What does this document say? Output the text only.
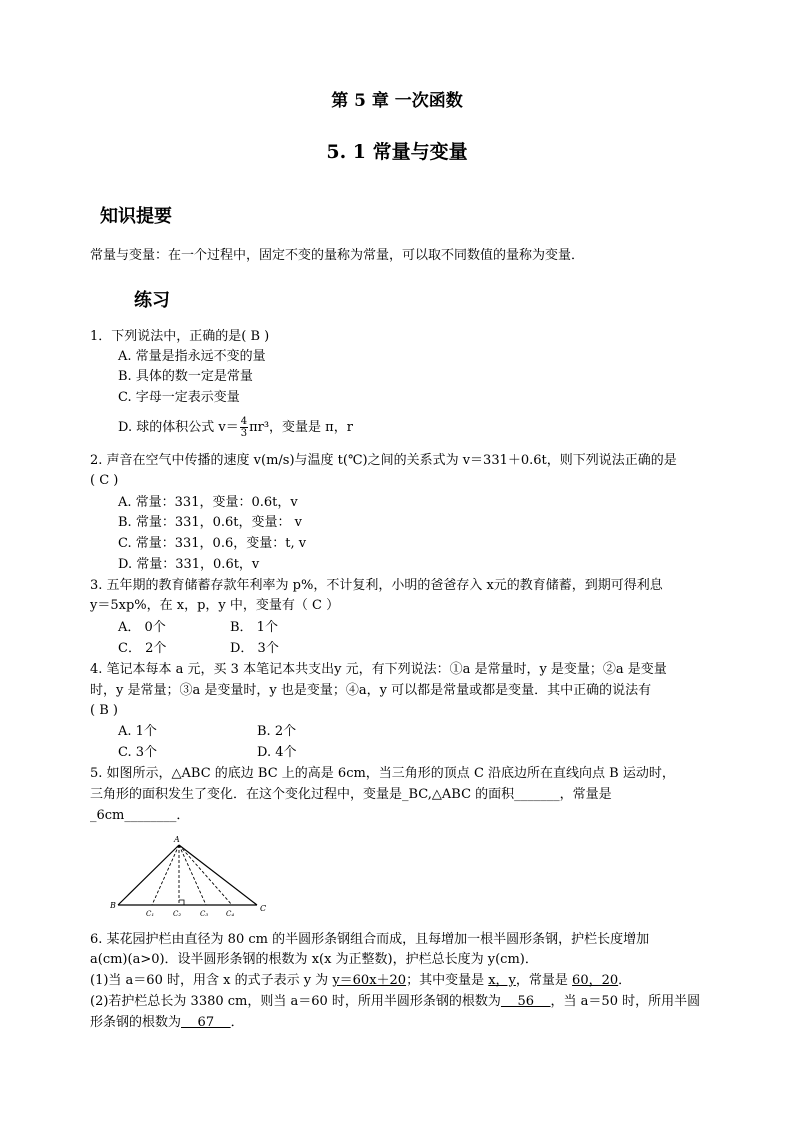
第 5 章 一次函数
5. 1 常量与变量
知识提要
常量与变量：在一个过程中，固定不变的量称为常量，可以取不同数值的量称为变量．
练习
1．下列说法中，正确的是( B )
A. 常量是指永远不变的量
B. 具体的数一定是常量
C. 字母一定表示变量
D. 球的体积公式 $v= \frac{4}{3} \pi r^3$，变量是 π，r
2. 声音在空气中传播的速度 v(m/s)与温度 t(℃)之间的关系式为 v＝331＋0.6t，则下列说法正确的是
( C )
A. 常量：331，变量：0.6t，v
B. 常量：331，0.6t，变量： v
C. 常量：331，0.6，变量：t, v
D. 常量：331，0.6t，v
3. 五年期的教育储蓄存款年利率为 p%，不计复利，小明的爸爸存入 x元的教育储蓄，到期可得利息
y＝5xp%，在 x，p，y 中，变量有（ C ）
A． 0个	B． 1个
C． 2个	D． 3个
4. 笔记本每本 a 元，买 3 本笔记本共支出y 元，有下列说法：①a 是常量时，y 是变量；②a 是变量
时，y 是常量；③a 是变量时，y 也是变量；④a，y 可以都是常量或都是变量．其中正确的说法有
( B )
A. 1个	B. 2个
C. 3个	D. 4个
5. 如图所示，△ABC 的底边 BC 上的高是 6cm，当三角形的顶点 C 沿底边所在直线向点 B 运动时，
三角形的面积发生了变化．在这个变化过程中，变量是_BC,△ABC 的面积_______，常量是
_6cm________．
A
B	C
C₁	C₂	C₃	C₄
6. 某花园护栏由直径为 80 cm 的半圆形条钢组合而成，且每增加一根半圆形条钢，护栏长度增加
a(cm)(a>0)．设半圆形条钢的根数为 x(x 为正整数)，护栏总长度为 y(cm)．
(1)当 a＝60 时，用含 x 的式子表示 y 为 y＝60x＋20；其中变量是 x，y，常量是 60，20．
(2)若护栏总长为 3380 cm，则当 a＝60 时，所用半圆形条钢的根数为    56    ，当 a＝50 时，所用半圆
形条钢的根数为    67    ．
